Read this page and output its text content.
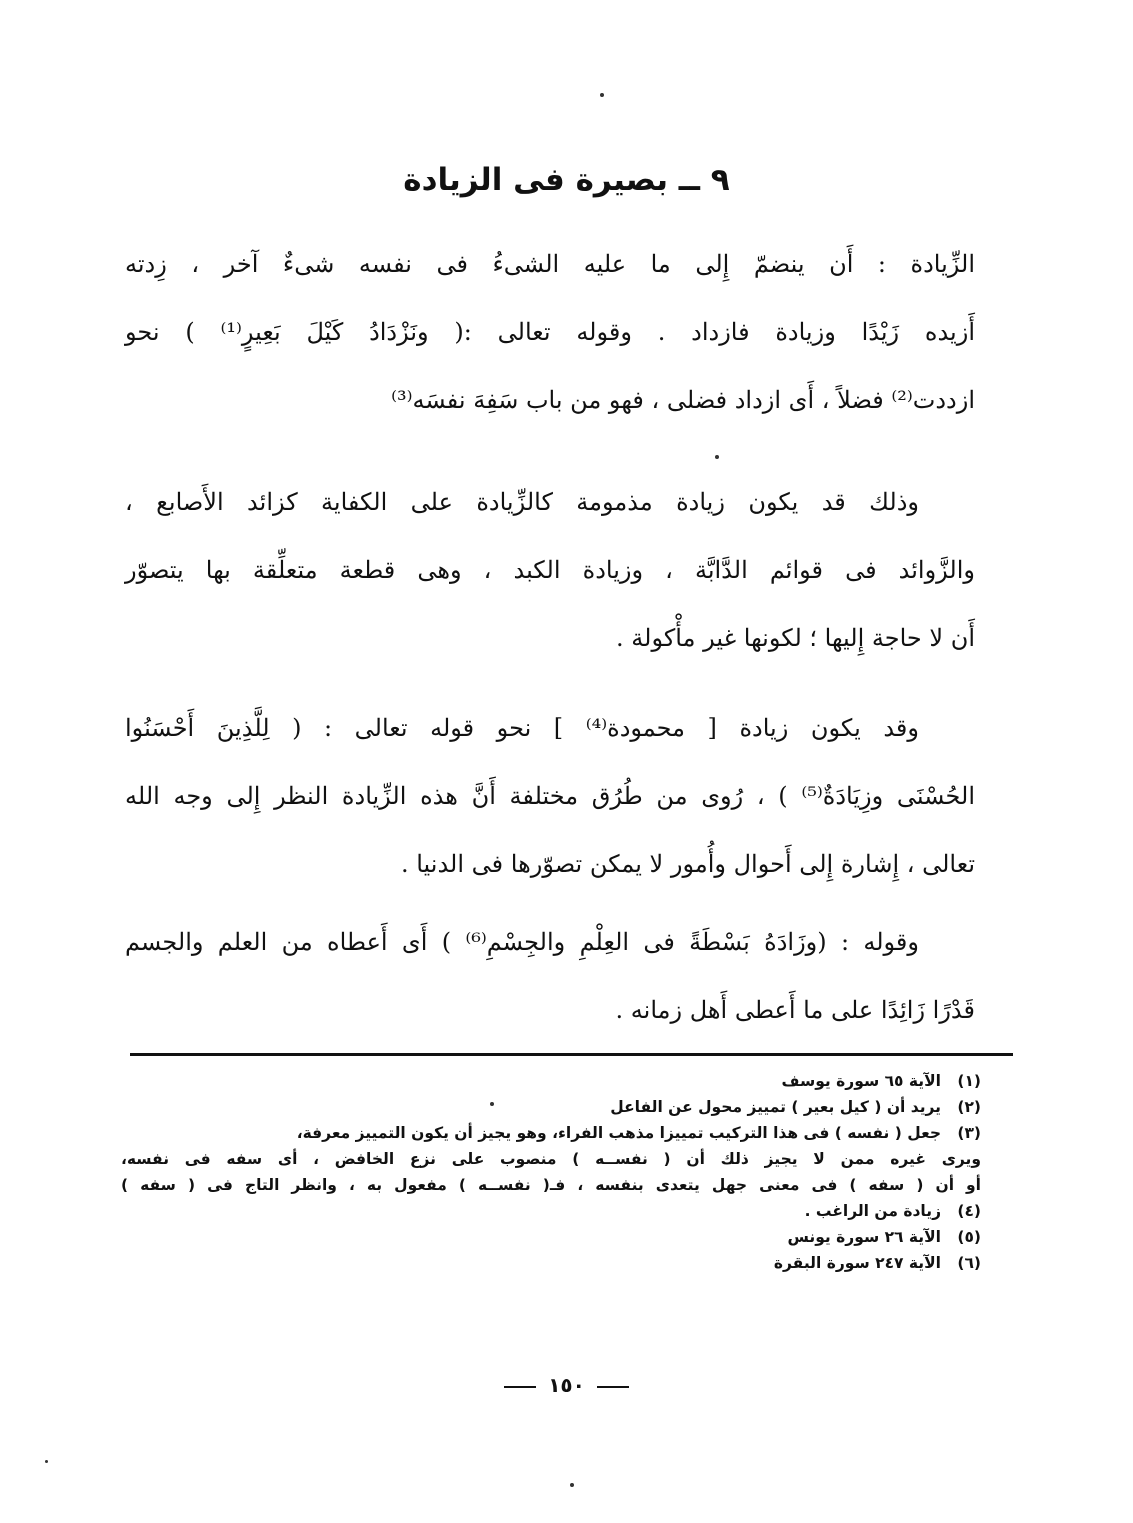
٩ ــ بصيرة فى الزيادة
الزِّيادة : أَن ينضمّ إِلى ما عليه الشىءُ فى نفسه شىءٌ آخر ، زِدته
أَزيده زَيْدًا وزيادة فازداد . وقوله تعالى :( ونَزْدَادُ كَيْلَ بَعِيرٍ⁽¹⁾ ) نحو
ازددت⁽²⁾ فضلاً ، أَى ازداد فضلى ، فهو من باب سَفِهَ نفسَه⁽³⁾
وذلك قد يكون زيادة مذمومة كالزِّيادة على الكفاية كزائد الأَصابع ،
والزَّوائد فى قوائم الدَّابَّة ، وزيادة الكبد ، وهى قطعة متعلِّقة بها يتصوّر
أَن لا حاجة إِليها ؛ لكونها غير مأْكولة .
وقد يكون زيادة [ محمودة⁽⁴⁾ ] نحو قوله تعالى : ( لِلَّذِينَ أَحْسَنُوا
الحُسْنَى وزِيَادَةٌ⁽⁵⁾ ) ، رُوى من طُرُق مختلفة أَنَّ هذه الزِّيادة النظر إِلى وجه الله
تعالى ، إِشارة إِلى أَحوال وأُمور لا يمكن تصوّرها فى الدنيا .
وقوله : (وزَادَهُ بَسْطَةً فى العِلْمِ والجِسْمِ⁽⁶⁾ ) أَى أَعطاه من العلم والجسم
قَدْرًا زَائِدًا على ما أَعطى أَهل زمانه .
(١)الآية ٦٥ سورة يوسف
(٢)يريد أن ( كيل بعير ) تمييز محول عن الفاعل
(٣)جعل ( نفسه ) فى هذا التركيب تمييزا مذهب الفراء، وهو يجيز أن يكون التمييز معرفة،
ويرى غيره ممن لا يجيز ذلك أن ( نفســه ) منصوب على نزع الخافض ، أى سفه فى نفسه،
أو أن ( سفه ) فى معنى جهل يتعدى بنفسه ، فـ( نفســه ) مفعول به ، وانظر التاج فى ( سفه )
(٤)زيادة من الراغب .
(٥)الآية ٢٦ سورة يونس
(٦)الآية ٢٤٧ سورة البقرة
١٥٠
